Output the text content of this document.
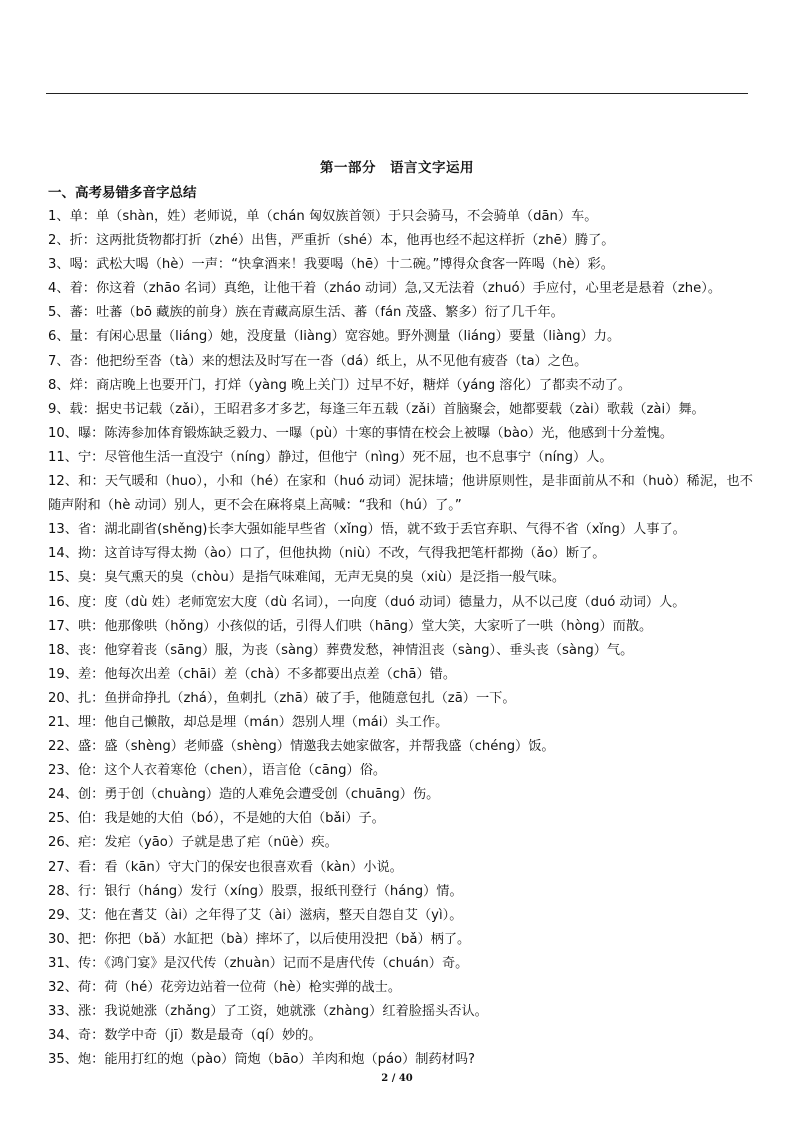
第一部分　语言文字运用
一、高考易错多音字总结
1、单：单（shàn，姓）老师说，单（chán 匈奴族首领）于只会骑马，不会骑单（dān）车。
2、折：这两批货物都打折（zhé）出售，严重折（shé）本，他再也经不起这样折（zhē）腾了。
3、喝：武松大喝（hè）一声：“快拿酒来！我要喝（hē）十二碗。”博得众食客一阵喝（hè）彩。
4、着：你这着（zhāo 名词）真绝，让他干着（zháo 动词）急,又无法着（zhuó）手应付，心里老是悬着（zhe）。
5、蕃：吐蕃（bō 藏族的前身）族在青藏高原生活、蕃（fán 茂盛、繁多）衍了几千年。
6、量：有闲心思量（liáng）她，没度量（liàng）宽容她。野外测量（liáng）要量（liàng）力。
7、沓：他把纷至沓（tà）来的想法及时写在一沓（dá）纸上，从不见他有疲沓（ta）之色。
8、烊：商店晚上也要开门，打烊（yàng 晚上关门）过早不好，糖烊（yáng 溶化）了都卖不动了。
9、载：据史书记载（zǎi），王昭君多才多艺，每逢三年五载（zǎi）首脑聚会，她都要载（zài）歌载（zài）舞。
10、曝：陈涛参加体育锻炼缺乏毅力、一曝（pù）十寒的事情在校会上被曝（bào）光，他感到十分羞愧。
11、宁：尽管他生活一直没宁（níng）静过，但他宁（nìng）死不屈，也不息事宁（níng）人。
12、和：天气暖和（huo），小和（hé）在家和（huó 动词）泥抹墙；他讲原则性，是非面前从不和（huò）稀泥，也不随声附和（hè 动词）别人，更不会在麻将桌上高喊：“我和（hú）了。”
13、省：湖北副省(shěng)长李大强如能早些省（xǐng）悟，就不致于丢官弃职、气得不省（xǐng）人事了。
14、拗：这首诗写得太拗（ào）口了，但他执拗（niù）不改，气得我把笔杆都拗（ǎo）断了。
15、臭：臭气熏天的臭（chòu）是指气味难闻，无声无臭的臭（xiù）是泛指一般气味。
16、度：度（dù 姓）老师宽宏大度（dù 名词），一向度（duó 动词）德量力，从不以己度（duó 动词）人。
17、哄：他那像哄（hǒng）小孩似的话，引得人们哄（hāng）堂大笑，大家听了一哄（hòng）而散。
18、丧：他穿着丧（sāng）服，为丧（sàng）葬费发愁，神情沮丧（sàng）、垂头丧（sàng）气。
19、差：他每次出差（chāi）差（chà）不多都要出点差（chā）错。
20、扎：鱼拼命挣扎（zhá），鱼刺扎（zhā）破了手，他随意包扎（zā）一下。
21、埋：他自己懒散，却总是埋（mán）怨别人埋（mái）头工作。
22、盛：盛（shèng）老师盛（shèng）情邀我去她家做客，并帮我盛（chéng）饭。
23、伧：这个人衣着寒伧（chen），语言伧（cāng）俗。
24、创：勇于创（chuàng）造的人难免会遭受创（chuāng）伤。
25、伯：我是她的大伯（bó），不是她的大伯（bǎi）子。
26、疟：发疟（yāo）子就是患了疟（nüè）疾。
27、看：看（kān）守大门的保安也很喜欢看（kàn）小说。
28、行：银行（háng）发行（xíng）股票，报纸刊登行（háng）情。
29、艾：他在耆艾（ài）之年得了艾（ài）滋病，整天自怨自艾（yì）。
30、把：你把（bǎ）水缸把（bà）摔坏了，以后使用没把（bǎ）柄了。
31、传：《鸿门宴》是汉代传（zhuàn）记而不是唐代传（chuán）奇。
32、荷：荷（hé）花旁边站着一位荷（hè）枪实弹的战士。
33、涨：我说她涨（zhǎng）了工资，她就涨（zhàng）红着脸摇头否认。
34、奇：数学中奇（jī）数是最奇（qí）妙的。
35、炮：能用打红的炮（pào）筒炮（bāo）羊肉和炮（páo）制药材吗?
2 / 40
